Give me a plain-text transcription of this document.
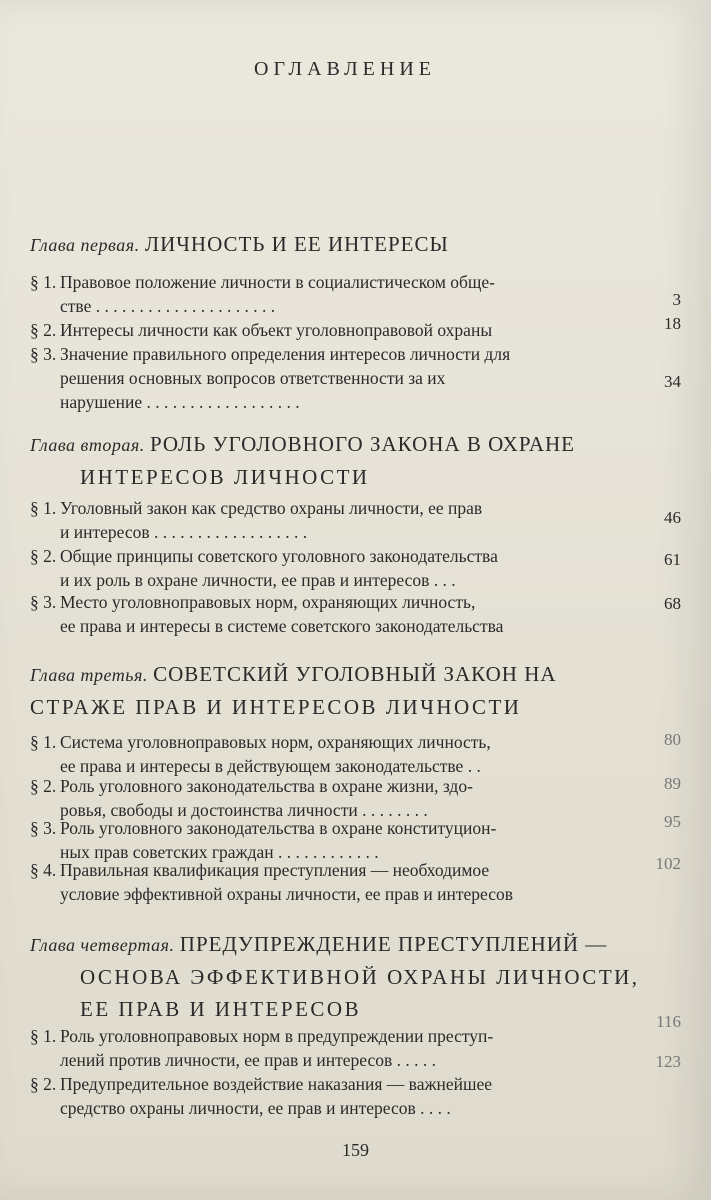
ОГЛАВЛЕНИЕ
Глава первая. ЛИЧНОСТЬ И ЕЕ ИНТЕРЕСЫ
§ 1. Правовое положение личности в социалистическом обще-
стве . . . . . . . . . . . . . . . . . . . . .	3
§ 2. Интересы личности как объект уголовноправовой охраны	18
§ 3. Значение правильного определения интересов личности для
решения основных вопросов ответственности за их
нарушение . . . . . . . . . . . . . . . . . .
34
Глава вторая. РОЛЬ УГОЛОВНОГО ЗАКОНА В ОХРАНЕ
ИНТЕРЕСОВ ЛИЧНОСТИ
§ 1. Уголовный закон как средство охраны личности, ее прав
и интересов . . . . . . . . . . . . . . . . . .
46
§ 2. Общие принципы советского уголовного законодательства
и их роль в охране личности, ее прав и интересов . . .
61
§ 3. Место уголовноправовых норм, охраняющих личность,
ее права и интересы в системе советского законодательства
68
Глава третья. СОВЕТСКИЙ УГОЛОВНЫЙ ЗАКОН НА
СТРАЖЕ ПРАВ И ИНТЕРЕСОВ ЛИЧНОСТИ
§ 1. Система уголовноправовых норм, охраняющих личность,
ее права и интересы в действующем законодательстве . .
80
§ 2. Роль уголовного законодательства в охране жизни, здо-
ровья, свободы и достоинства личности . . . . . . . .
89
§ 3. Роль уголовного законодательства в охране конституцион-
ных прав советских граждан . . . . . . . . . . . .
95
§ 4. Правильная квалификация преступления — необходимое
условие эффективной охраны личности, ее прав и интересов
102
Глава четвертая. ПРЕДУПРЕЖДЕНИЕ ПРЕСТУПЛЕНИЙ —
ОСНОВА ЭФФЕКТИВНОЙ ОХРАНЫ ЛИЧНОСТИ,
ЕЕ ПРАВ И ИНТЕРЕСОВ
§ 1. Роль уголовноправовых норм в предупреждении преступ-
лений против личности, ее прав и интересов . . . . .
116
§ 2. Предупредительное воздействие наказания — важнейшее
средство охраны личности, ее прав и интересов . . . .
123
159
